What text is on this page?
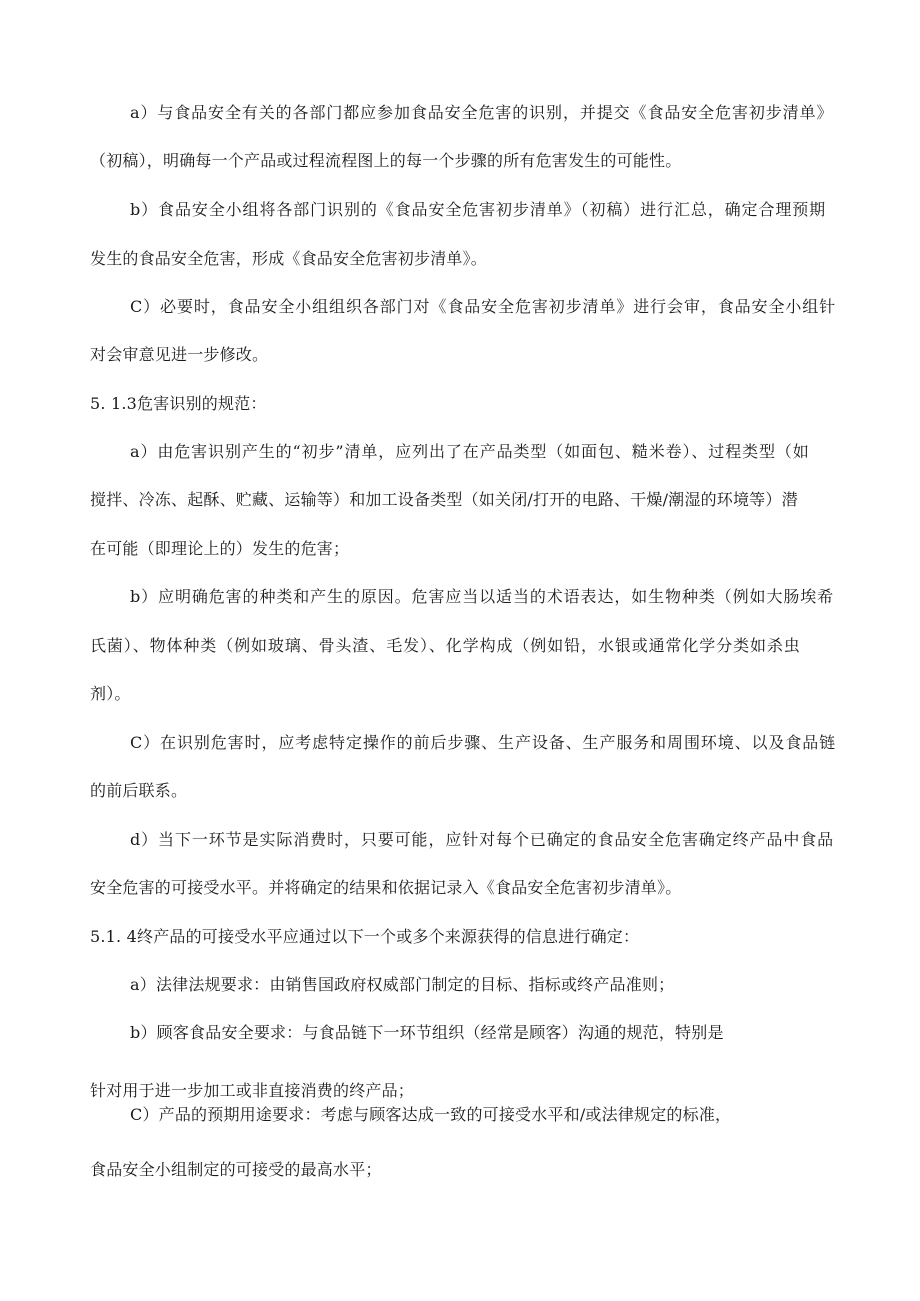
a）与食品安全有关的各部门都应参加食品安全危害的识别，并提交《食品安全危害初步清单》
（初稿），明确每一个产品或过程流程图上的每一个步骤的所有危害发生的可能性。
b）食品安全小组将各部门识别的《食品安全危害初步清单》（初稿）进行汇总，确定合理预期
发生的食品安全危害，形成《食品安全危害初步清单》。
C）必要时，食品安全小组组织各部门对《食品安全危害初步清单》进行会审，食品安全小组针
对会审意见进一步修改。
5. 1.3危害识别的规范：
a）由危害识别产生的“初步”清单，应列出了在产品类型（如面包、糙米卷）、过程类型（如
搅拌、冷冻、起酥、贮藏、运输等）和加工设备类型（如关闭/打开的电路、干燥/潮湿的环境等）潜
在可能（即理论上的）发生的危害；
b）应明确危害的种类和产生的原因。危害应当以适当的术语表达，如生物种类（例如大肠埃希
氏菌）、物体种类（例如玻璃、骨头渣、毛发）、化学构成（例如铅，水银或通常化学分类如杀虫
剂）。
C）在识别危害时，应考虑特定操作的前后步骤、生产设备、生产服务和周围环境、以及食品链
的前后联系。
d）当下一环节是实际消费时，只要可能，应针对每个已确定的食品安全危害确定终产品中食品
安全危害的可接受水平。并将确定的结果和依据记录入《食品安全危害初步清单》。
5.1. 4终产品的可接受水平应通过以下一个或多个来源获得的信息进行确定：
a）法律法规要求：由销售国政府权威部门制定的目标、指标或终产品准则；
b）顾客食品安全要求：与食品链下一环节组织（经常是顾客）沟通的规范，特别是
针对用于进一步加工或非直接消费的终产品；
C）产品的预期用途要求：考虑与顾客达成一致的可接受水平和/或法律规定的标准，
食品安全小组制定的可接受的最高水平；
